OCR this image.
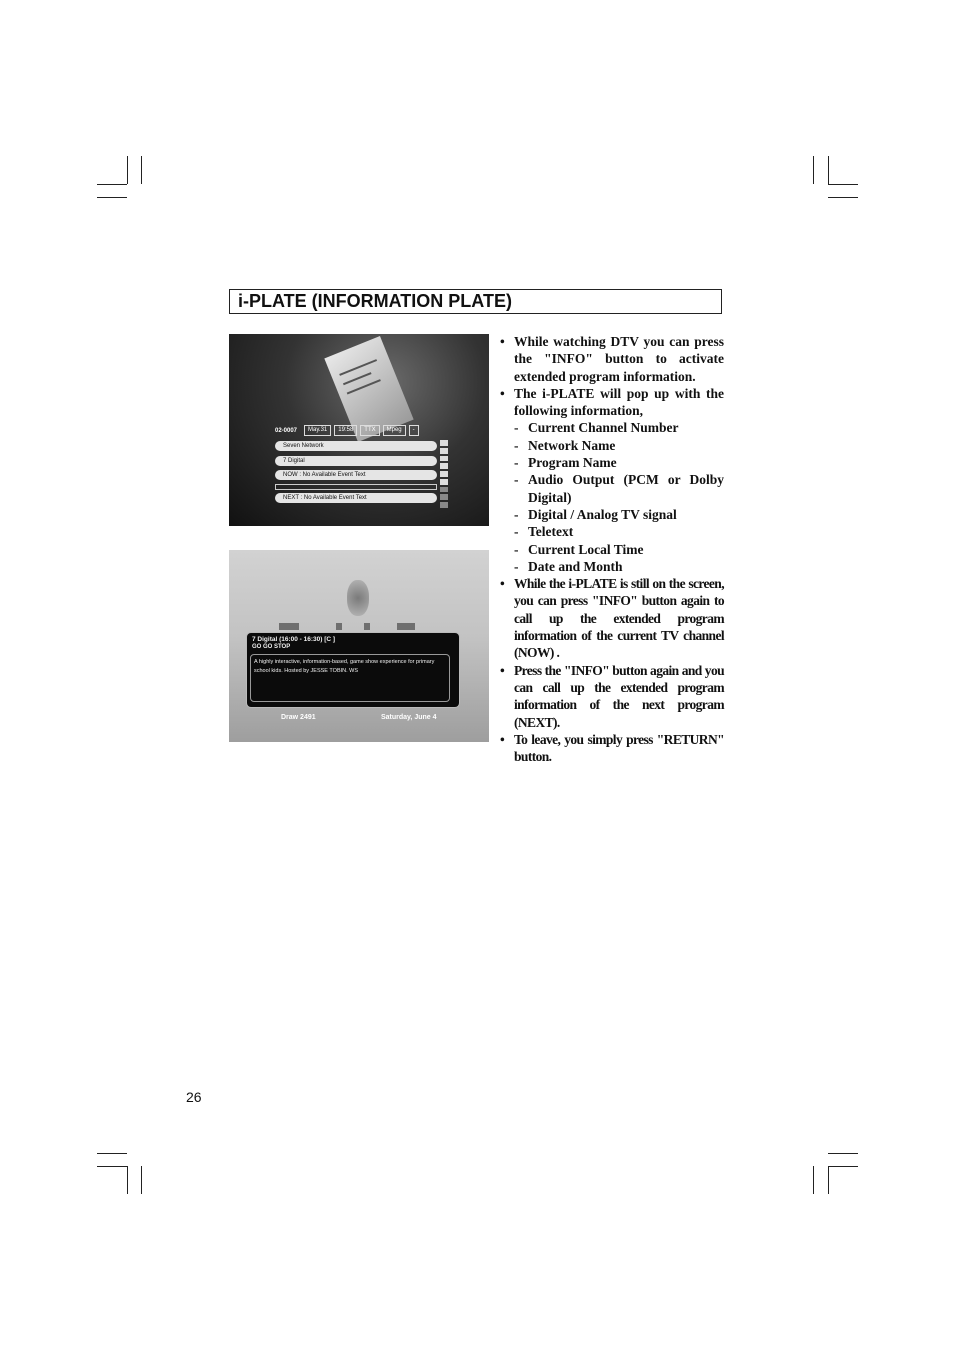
i-PLATE (INFORMATION PLATE)
02-0007	May.31	19:58	TTX	Mpeg	-
Seven Network
7 Digital
NOW : No Available Event Text
NEXT : No Available Event Text
7 Digital (16:00 - 16:30) [C ]
GO GO STOP
A highly interactive, information-based, game show experience for primary school kids. Hosted by JESSE TOBIN. WS
Draw 2491	Saturday, June 4
• While watching DTV you can press the "INFO" button to activate extended program information.
• The i-PLATE will pop up with the following information,
- Current Channel Number
- Network Name
- Program Name
- Audio Output (PCM or Dolby Digital)
- Digital / Analog TV signal
- Teletext
- Current Local Time
- Date and Month
• While the i-PLATE is still on the screen, you can press "INFO" button again to call up the extended program information of the current TV channel (NOW) .
• Press the "INFO" button again and you can call up the extended program information of the next program (NEXT).
• To leave, you simply press "RETURN" button.
26
